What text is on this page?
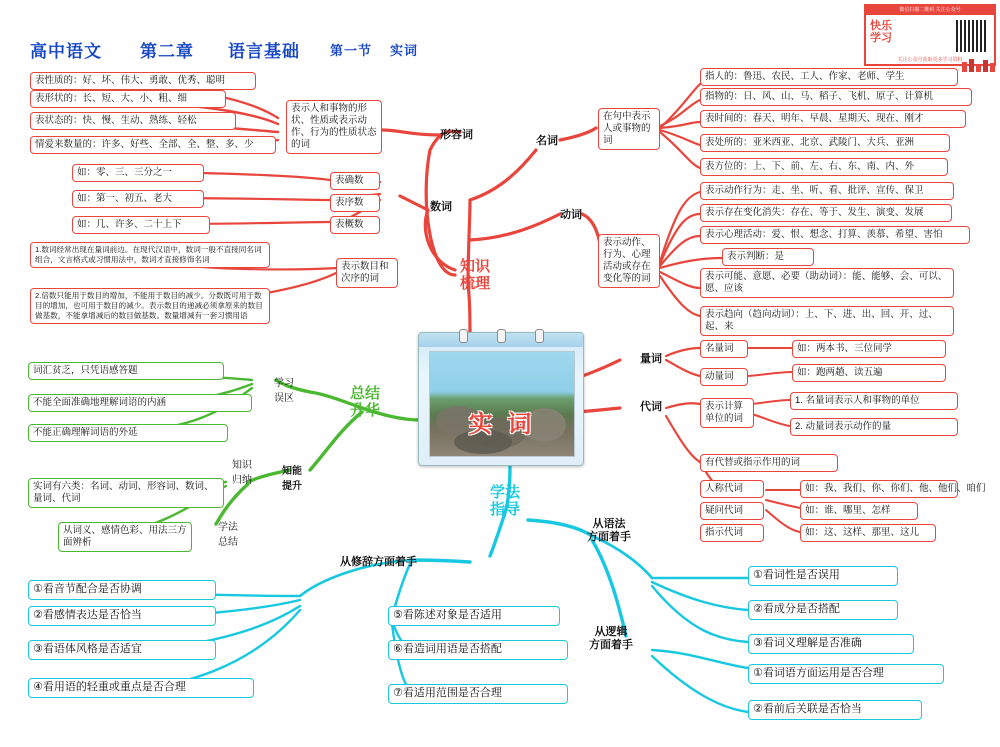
高中语文 第二章 语言基础 第一节 实词
微信扫描二维码 关注公众号
快乐
学习
关注公众号获取更多学习资料
实 词
知识
梳理
总结
升华
学法
指导
形容词	名词
动词
数词
量词
代词
学习
误区
知识
归纳
知能
提升
学法
总结
从修辞方面着手
从语法
方面着手
从逻辑
方面着手
表示人和事物的形状、性质或表示动作、行为的性质状态的词
在句中表示人或事物的词
表示动作、行为、心理活动或存在变化等的词
表示数目和次序的词
表示计算单位的词
表确数
表序数
表概数
表性质的：好、坏、伟大、勇敢、优秀、聪明
表形状的：长、短、大、小、粗、细
表状态的：快、慢、生动、熟练、轻松
情爱来数量的：许多、好些、全部、全、整、多、少
如：零、三、三分之一
如：第一、初五、老大
如：几、许多、二十上下
1.数词经常出现在量词前边。在现代汉语中，数词一般不直接同名词组合，文言格式或习惯用法中，数词才直接修饰名词
2.倍数只能用于数目的增加，不能用于数目的减少。分数既可用于数目的增加，也可用于数目的减少。表示数目的递减必须拿原来的数目做基数，不能拿增减后的数目做基数。数量增减有一套习惯用语
指人的：鲁迅、农民、工人、作家、老师、学生
指物的：日、风、山、马、稻子、飞机、原子、计算机
表时间的：春天、明年、早晨、星期天、现在、刚才
表处所的：亚米西亚、北京、武陵门、大兵、亚洲
表方位的：上、下、前、左、右、东、南、内、外
表示动作行为：走、坐、听、看、批评、宣传、保卫
表示存在变化消失：存在、等于、发生、演变、发展
表示心理活动：爱、恨、想念、打算、羡慕、希望、害怕
表示判断：是
表示可能、意愿、必要（助动词）：能、能够、会、可以、愿、应该
表示趋向（趋向动词）：上、下、进、出、回、开、过、起、来
名量词
动量词
如：两本书、三位同学
如：跑两趟、读五遍
1. 名量词表示人和事物的单位
2. 动量词表示动作的量
有代替或指示作用的词
人称代词
疑问代词
指示代词
如：我、我们、你、你们、他、他们、咱们
如：谁、哪里、怎样
如：这、这样、那里、这儿
词汇贫乏，只凭语感答题
不能全面准确地理解词语的内涵
不能正确理解词语的外延
实词有六类：名词、动词、形容词、数词、量词、代词
从词义、感情色彩、用法三方面辨析
①看音节配合是否协调
②看感情表达是否恰当
③看语体风格是否适宜
④看用语的轻重或重点是否合理
⑤看陈述对象是否适用
⑥看造词用语是否搭配
⑦看适用范围是否合理
①看词性是否误用
②看成分是否搭配
③看词义理解是否准确
①看词语方面运用是否合理
②看前后关联是否恰当
